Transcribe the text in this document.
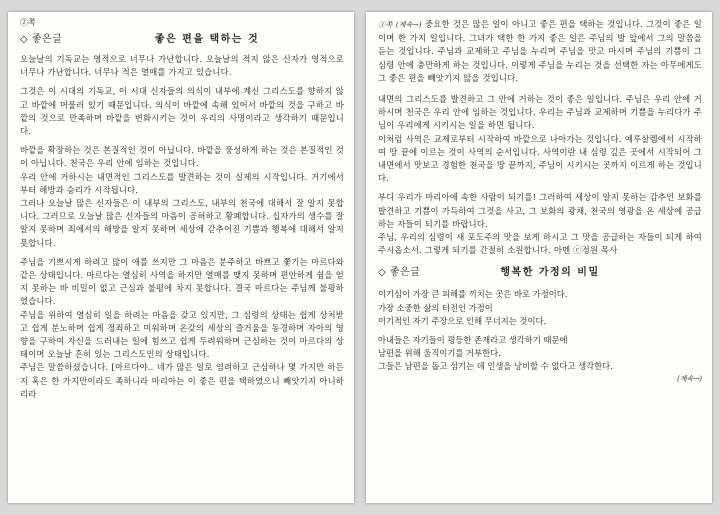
②쪽
◇ 좋은글	좋은 편을 택하는 것

오늘날의 기독교는 영적으로 너무나 가난합니다. 오늘날의 적지 않은 신자가 영적으로 너무나 가난합니다. 너무나 적은 열매를 가지고 있습니다.

그것은 이 시대의 기독교, 이 시대 신자들의 의식이 내부에 계신 그리스도를 향하지 않고 바깥에 머물러 있기 때문입니다. 의식이 바깥에 속해 있어서 바깥의 것을 구하고 바깥의 것으로 만족하며 바깥을 변화시키는 것이 우리의 사명이라고 생각하기 때문입니다.

바깥을 확장하는 것은 본질적인 것이 아닙니다. 바깥을 풍성하게 하는 것은 본질적인 것이 아닙니다. 천국은 우리 안에 임하는 것입니다.

우리 안에 거하시는 내면적인 그리스도를 발견하는 것이 실제의 시작입니다. 거기에서 부터 해방과 승리가 시작됩니다.

그러나 오늘날 많은 신자들은 이 내부의 그리스도, 내부의 천국에 대해서 잘 알지 못합니다. 그러므로 오늘날 많은 신자들의 마음이 공허하고 황폐합니다. 십자가의 생수를 잘 알지 못하며 죄에서의 해방을 알지 못하며 세상에 갇추어진 기쁨과 행복에 대해서 알지 못합니다.

주님을 기쁘시게 하려고 많이 애를 쓰지만 그 마음은 분주하고 바쁘고 쫓기는 마르다와 같은 상태입니다. 마르다는 열심히 사역을 하지만 열매를 맺지 못하며 편안하게 쉼을 얻지 못하는 바 비밀이 없고 근심과 불평에 차지 못합니다. 결국 마르다는 주님께 불평하였습니다.

주님을 위하여 열심히 일을 하려는 마음을 갖고 있지만, 그 심령의 상태는 쉽게 상처받고 쉽게 분노하며 쉽게 정죄하고 미워하며 온갖의 세상의 즐거움을 동경하며 자아의 영향을 구하여 자신을 드러내는 일에 힘쓰고 쉽게 두려워하며 근심하는 것이 마르다의 상태이며 오늘날 흔히 있는 그리스도인의 상태입니다.

주님은 말씀하셨습니다. [마르다야.. 네가 많은 일로 염려하고 근심하나 몇 가지만 하든지 혹은 한 가지만이라도 족하니라 마리아는 이 좋은 편을 택하였으니 빼앗기지 아니하리라

③쪽 (계속→) 중요한 것은 많은 일이 아니고 좋은 편을 택하는 것입니다. 그것이 좋은 일이며 한 가지 일입니다. 그녀가 택한 한 가지 좋은 일은 주님의 발 앞에서 그의 말씀을 듣는 것입니다. 주님과 교제하고 주님을 누리며 주님을 맛고 마시며 주님의 기쁨이 그 심령 안에 충만하게 하는 것입니다. 이렇게 주님을 누리는 것을 선택한 자는 아무에게도 그 좋은 편을 빼앗기지 않을 것입니다.

내면의 그리스도를 발견하고 그 안에 거하는 것이 좋은 일입니다. 주님은 우리 안에 거하시며 천국은 우리 안에 임하는 것입니다. 우리는 주님과 교제하며 기쁨을 누리다가 주님이 우리에게 시키시는 일을 하면 됩니다.

이처럼 사역은 교제로부터 시작하여 바깥으로 나아가는 것입니다. 예루살렘에서 시작하여 땅 끝에 이르는 것이 사역의 순서입니다. 사역이란 내 심령 깊은 곳에서 시작되어 그 내면에서 맛보고 경험한 천국을 땅 끝까지, 주님이 시키시는 곳까지 이르게 하는 것입니다.

부디 우리가 마리아에 속한 사람이 되기를! 그러하여 세상이 알지 못하는 감추인 보화를 발견하고 기쁨이 가득하여 그것을 사고, 그 보화의 광채, 천국의 영광을 온 세상에 공급하는 자들이 되기를 바랍니다.

주님, 우리의 심령이 새 포도주의 맛을 보게 하시고 그 맛을 공급하는 자들이 되게 하여 주시옵소서. 그렇게 되기를 간절히 소원합니다. 아멘 ⓒ정원 목사

◇ 좋은글	행복한 가정의 비밀
이기심이 가장 큰 피해를 끼치는 곳은 바로 가정이다.
가장 소중한 삶의 터전인 가정이
이기적인 자기 주장으로 인해 무너지는 것이다.
아내들은 자기들이 평등한 존재라고 생각하기 때문에
남편을 위해 움직이기를 거부한다.
그들은 남편을 돕고 섬기는 데 인생을 낭비할 수 없다고 생각한다.
(계속→)
